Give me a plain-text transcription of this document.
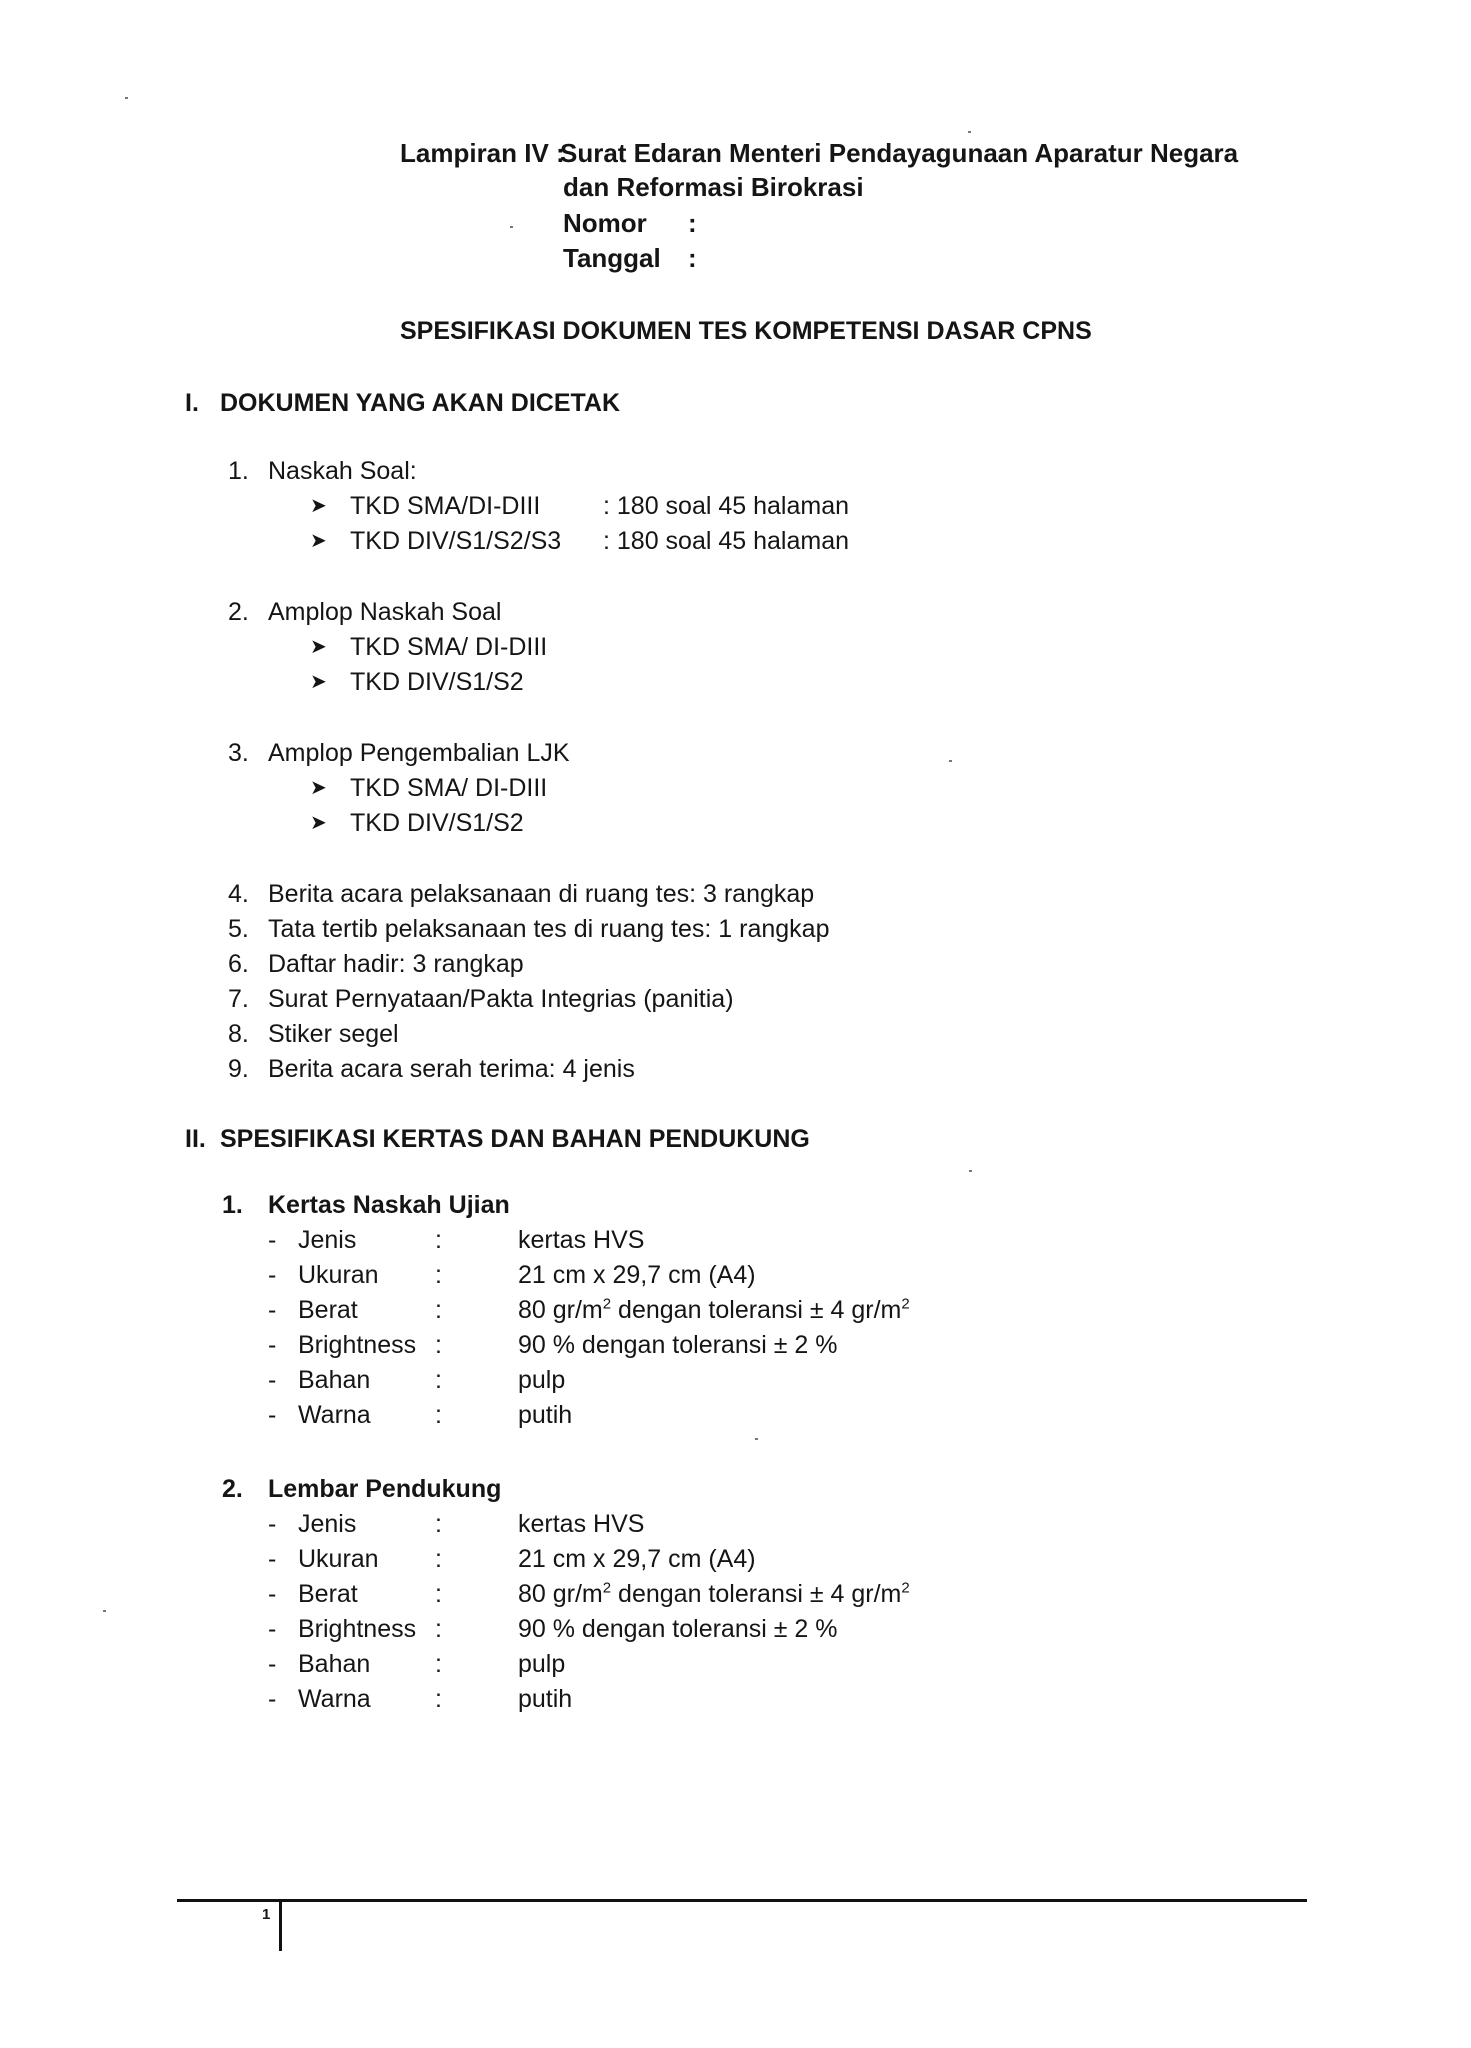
Lampiran IV :
Surat Edaran Menteri Pendayagunaan Aparatur Negara
dan Reformasi Birokrasi
Nomor :
Tanggal :
SPESIFIKASI DOKUMEN TES KOMPETENSI DASAR CPNS
I. DOKUMEN YANG AKAN DICETAK
1. Naskah Soal:
➤ TKD SMA/DI-DIII	: 180 soal 45 halaman
➤ TKD DIV/S1/S2/S3 : 180 soal 45 halaman
2. Amplop Naskah Soal
➤ TKD SMA/ DI-DIII
➤ TKD DIV/S1/S2
3. Amplop Pengembalian LJK
➤ TKD SMA/ DI-DIII
➤ TKD DIV/S1/S2
4. Berita acara pelaksanaan di ruang tes: 3 rangkap
5. Tata tertib pelaksanaan tes di ruang tes: 1 rangkap
6. Daftar hadir: 3 rangkap
7. Surat Pernyataan/Pakta Integrias (panitia)
8. Stiker segel
9. Berita acara serah terima: 4 jenis
II. SPESIFIKASI KERTAS DAN BAHAN PENDUKUNG
1. Kertas Naskah Ujian
- Jenis	:	kertas HVS
- Ukuran :	21 cm x 29,7 cm (A4)
- Berat	:	80 $gr/m^2$ dengan toleransi ± 4 $gr/m^2$
- Brightness :	90 % dengan toleransi ± 2 %
- Bahan	:	pulp
- Warna	:	putih
2. Lembar Pendukung
- Jenis	:	kertas HVS
- Ukuran :	21 cm x 29,7 cm (A4)
- Berat	:	80 $gr/m^2$ dengan toleransi ± 4 $gr/m^2$
- Brightness :	90 % dengan toleransi ± 2 %
- Bahan	:	pulp
- Warna	:	putih
1
